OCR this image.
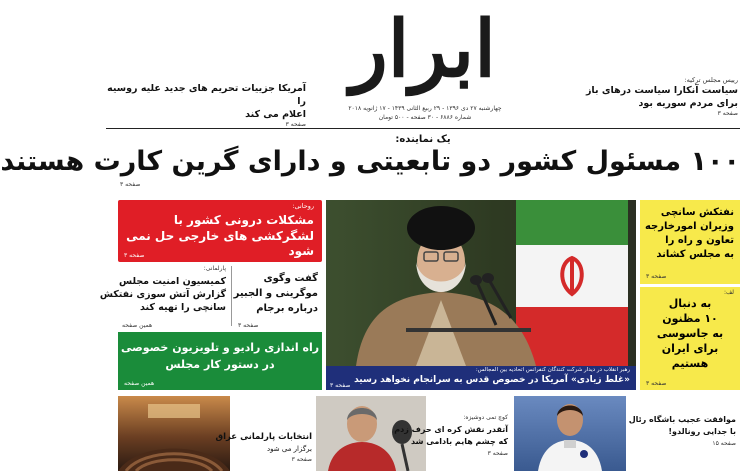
ابرار
چهارشنبه ۲۷ دی ۱۳۹۶ - ۲۹ ربیع الثانی ۱۴۳۹ - ۱۷ ژانویه ۲۰۱۸
شماره ۶۸۸۶ - ۳۰ صفحه - ۵۰۰ تومان
آمریکا جزییات تحریم های جدید علیه روسیه را
اعلام می کند
صفحه ۳
رییس مجلس ترکیه:
سیاست آنکارا سیاست درهای باز
برای مردم سوریه بود
صفحه ۳
یک نماینده:
۱۰۰ مسئول کشور دو تابعیتی و دارای گرین کارت هستند
صفحه ۳
روحانی:
مشکلات درونی کشور با
لشگرکشی های خارجی حل نمی شود
صفحه ۳
پارلمانی:
کمیسیون امنیت مجلس
گزارش آتش سوزی نفتکش
سانچی را تهیه کند
همین صفحه
گفت وگوی
موگرینی و الجبیر
درباره برجام
صفحه ۳
راه اندازی رادیو و تلویزیون خصوصی
در دستور کار مجلس
همین صفحه
رهبر انقلاب در دیدار شرکت کنندگان کنفرانس اتحادیه بین المجالس:
«غلط زیادی» آمریکا در خصوص قدس به سرانجام نخواهد رسید
صفحه ۳
نفتکش سانچی
وزیران امورخارجه
تعاون و راه را
به مجلس کشاند
صفحه ۳
لف:
به دنبال
۱۰ مظنون
به جاسوسی
برای ایران
هستیم
صفحه ۳
انتخابات پارلمانی عراق
برگزار می شود
صفحه ۳
کوچ تمی دوشیزه:
آتقدر نقش کره ای حرف زدم
که چشم هایم بادامی شد
صفحه ۳
موافقت عجیب باشگاه رئال
با جدایی رونالدو!
صفحه ۱۵
